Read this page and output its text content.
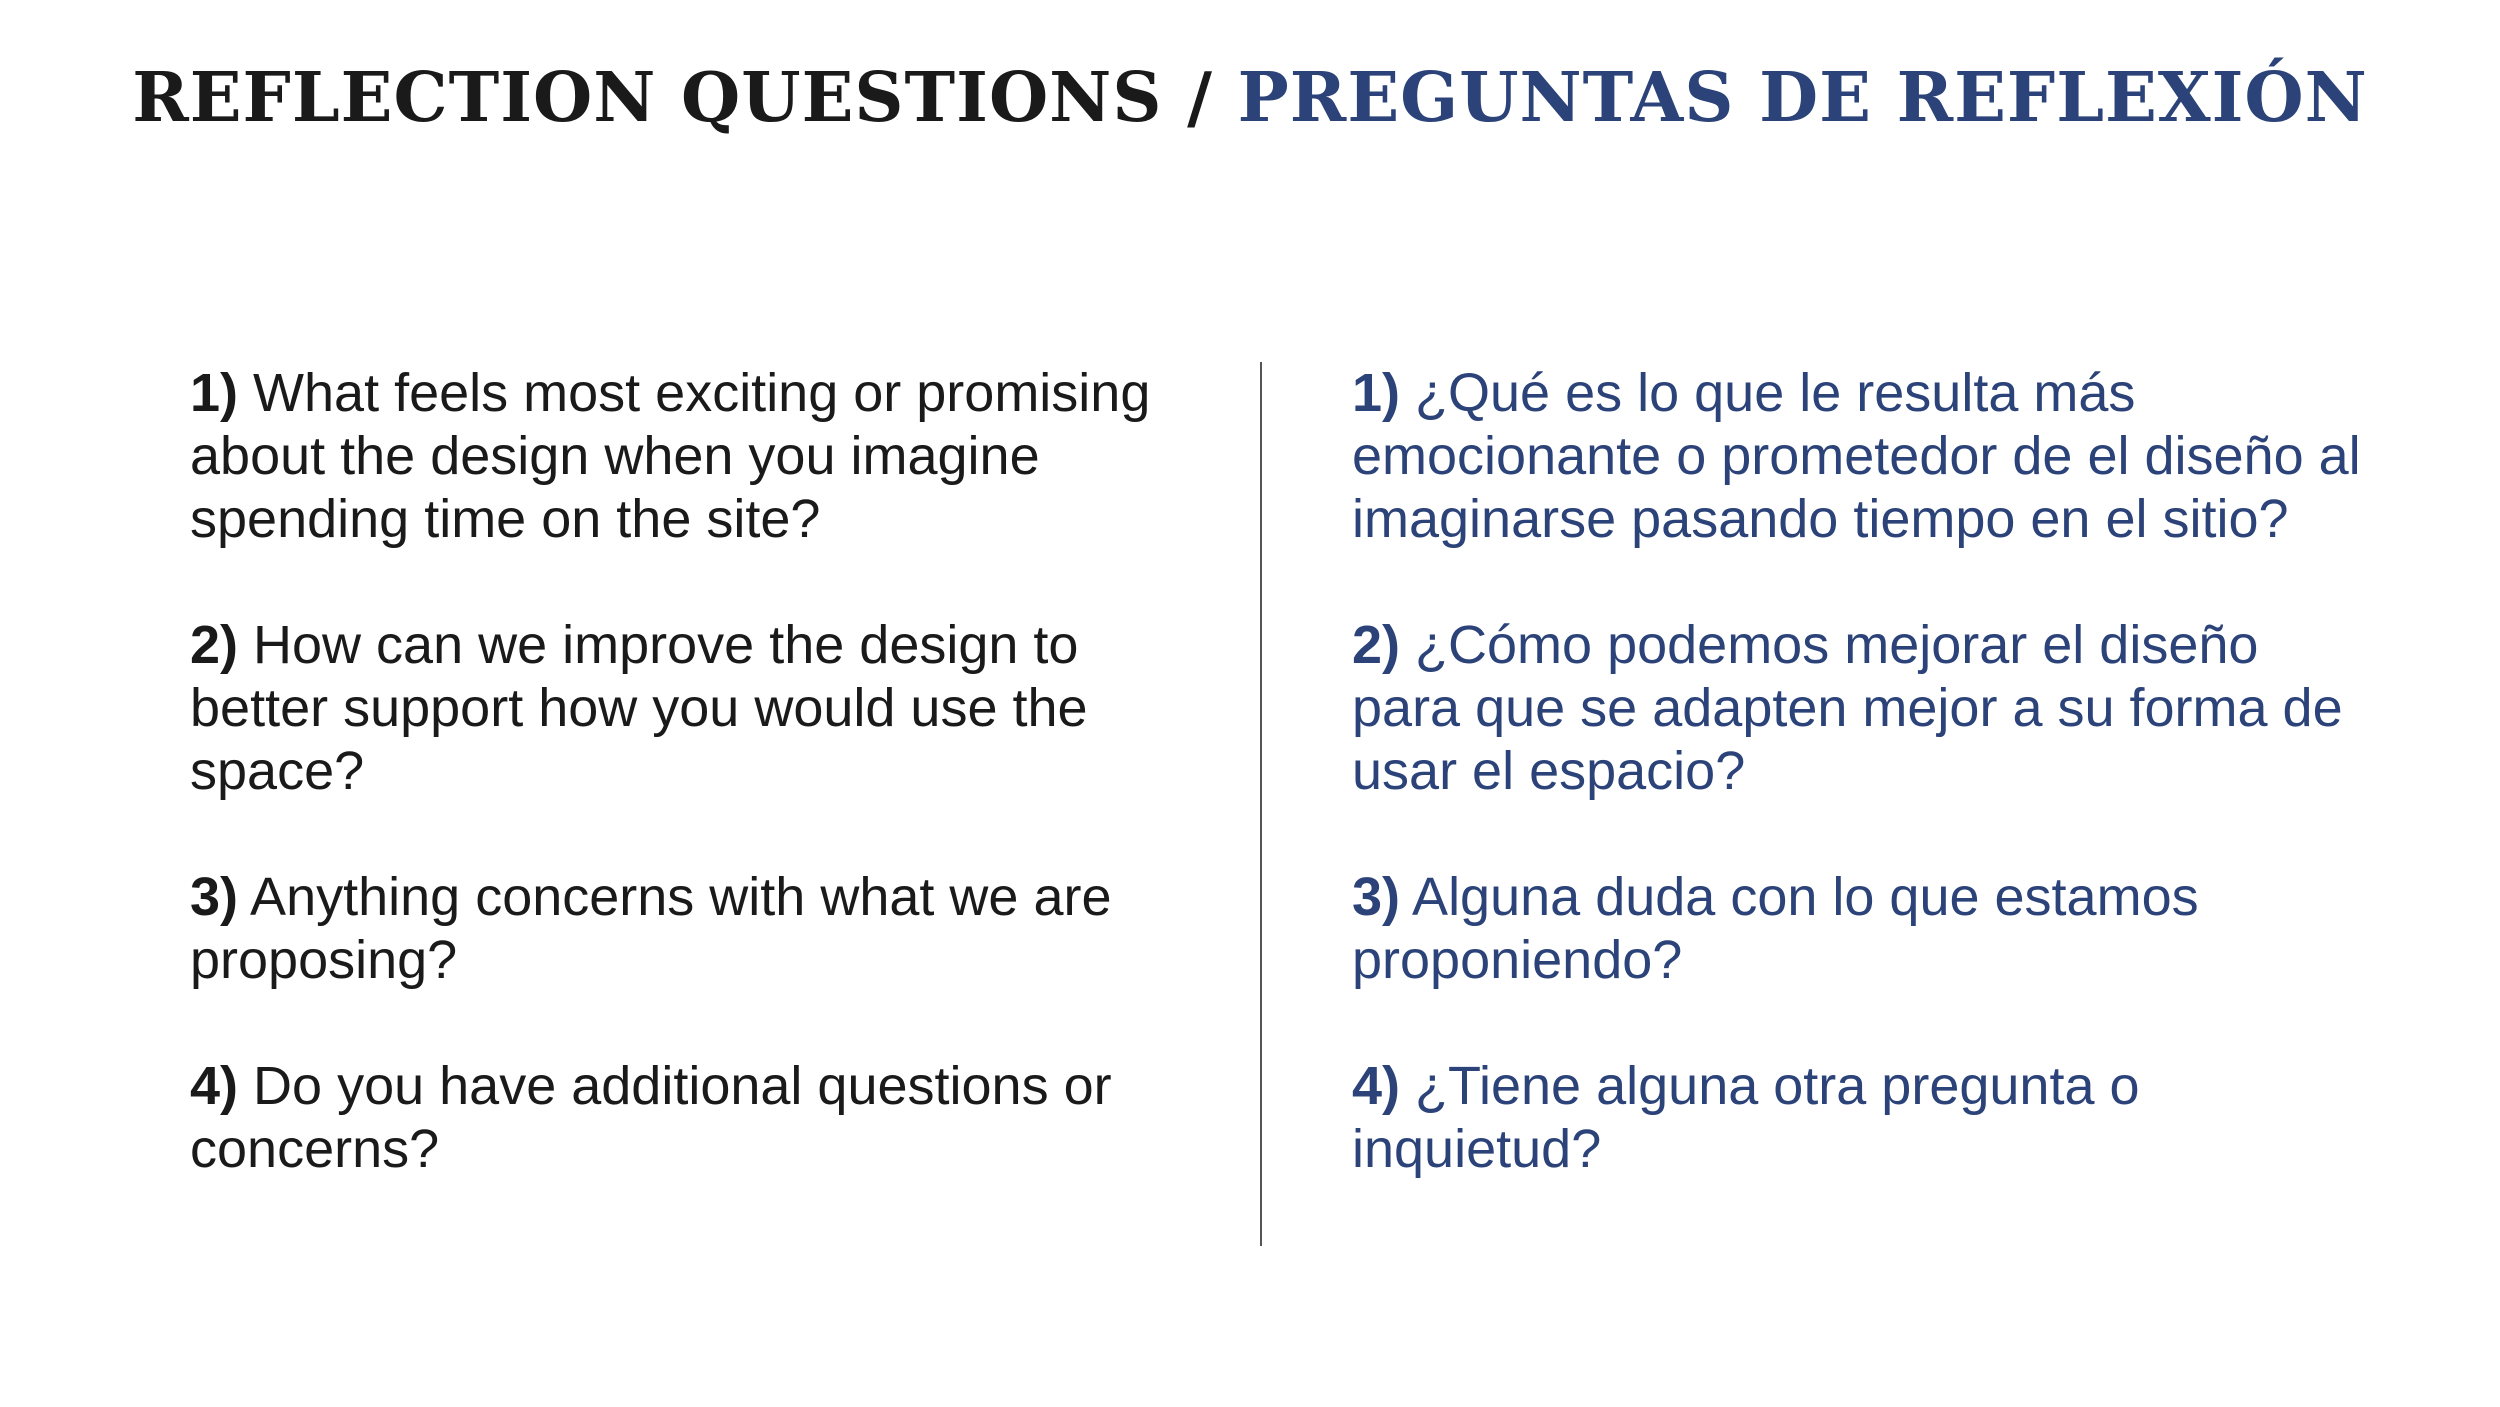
REFLECTION QUESTIONS / PREGUNTAS DE REFLEXIÓN

1) What feels most exciting or promising about the design when you imagine spending time on the site?

2) How can we improve the design to better support how you would use the space?

3) Anything concerns with what we are proposing?

4) Do you have additional questions or concerns?

1) ¿Qué es lo que le resulta más emocionante o prometedor de el diseño al imaginarse pasando tiempo en el sitio?

2) ¿Cómo podemos mejorar el diseño para que se adapten mejor a su forma de usar el espacio?

3) Alguna duda con lo que estamos proponiendo?

4) ¿Tiene alguna otra pregunta o inquietud?
